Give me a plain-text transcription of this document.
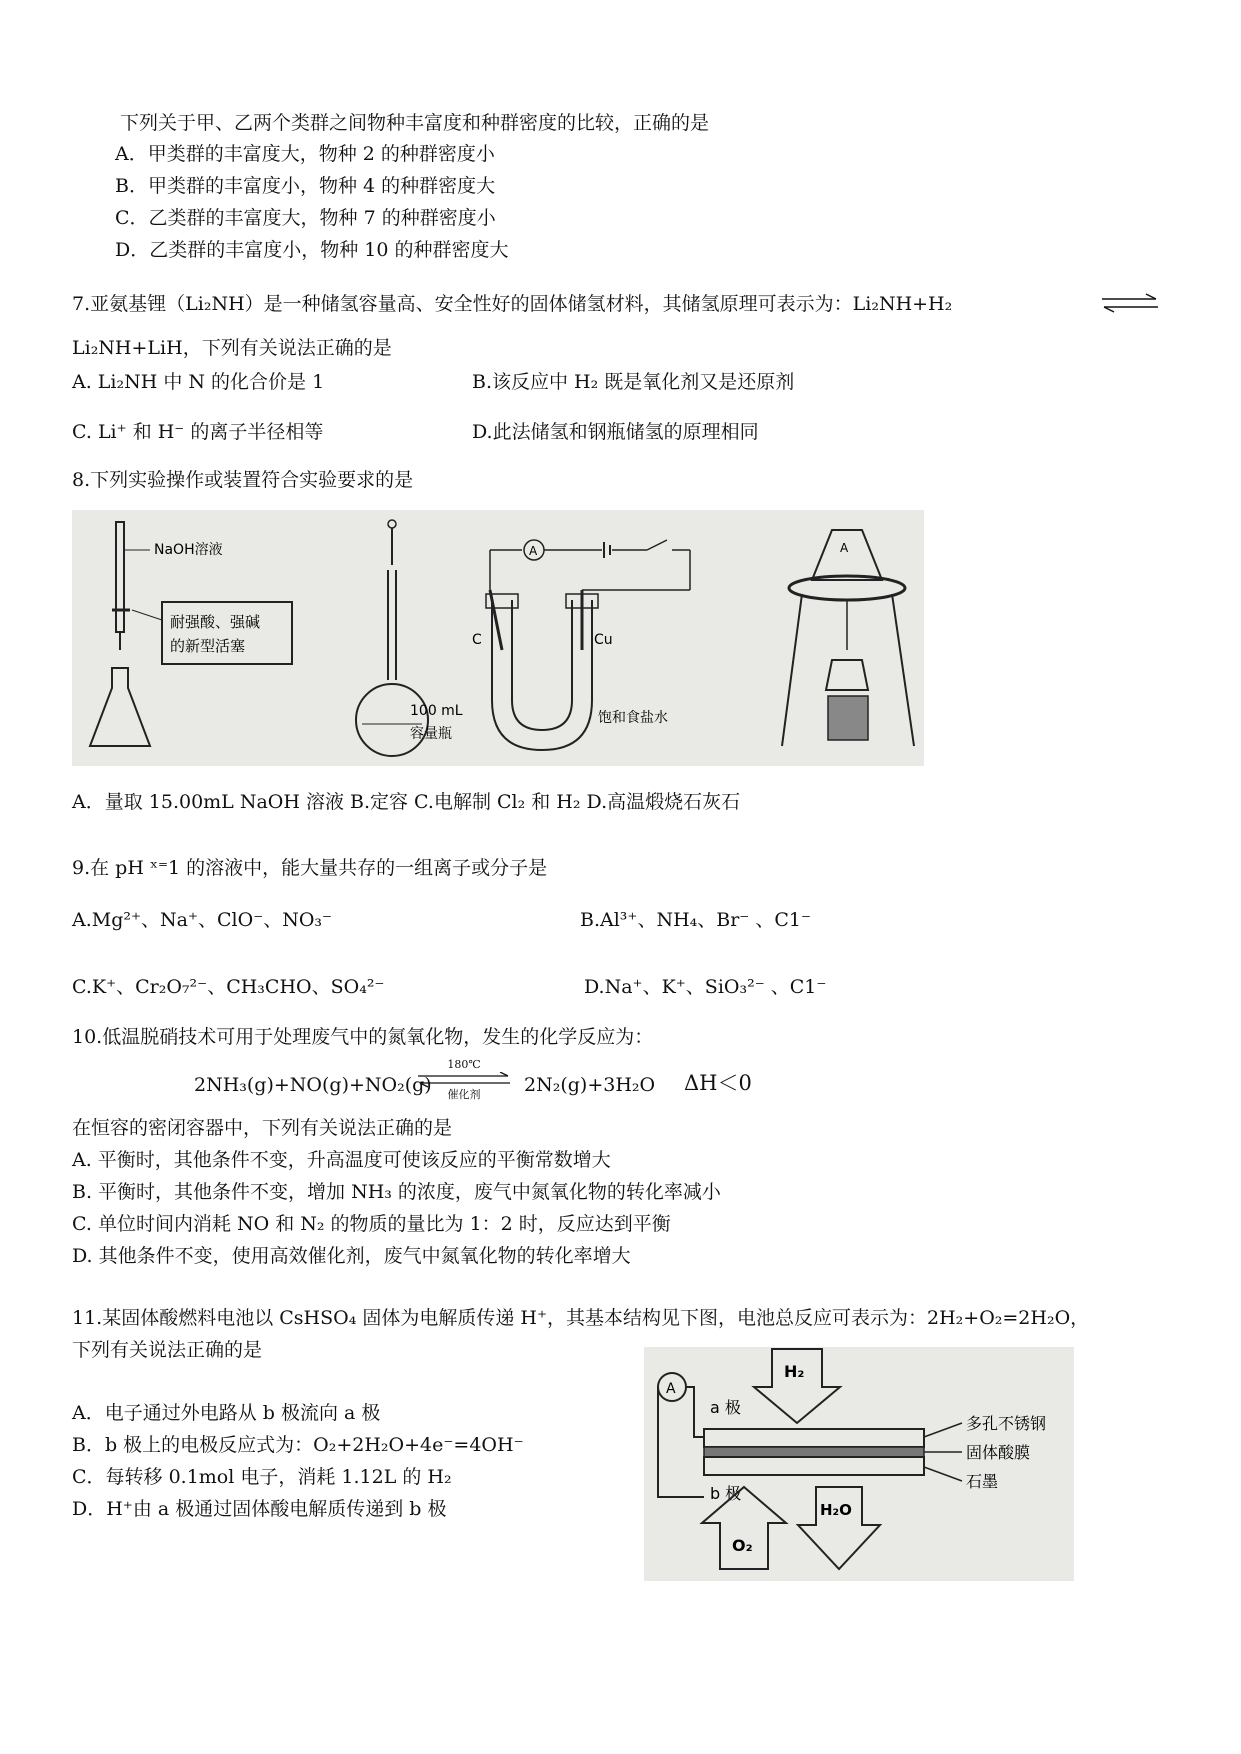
下列关于甲、乙两个类群之间物种丰富度和种群密度的比较，正确的是
A．甲类群的丰富度大，物种 2 的种群密度小
B．甲类群的丰富度小，物种 4 的种群密度大
C．乙类群的丰富度大，物种 7 的种群密度小
D．乙类群的丰富度小，物种 10 的种群密度大
7.亚氨基锂（Li₂NH）是一种储氢容量高、安全性好的固体储氢材料，其储氢原理可表示为：Li₂NH+H₂
Li₂NH+LiH，下列有关说法正确的是
A. Li₂NH 中 N 的化合价是 1	B.该反应中 H₂ 既是氧化剂又是还原剂
C. Li⁺ 和 H⁻ 的离子半径相等	D.此法储氢和钢瓶储氢的原理相同
8.下列实验操作或装置符合实验要求的是
NaOH溶液
耐强酸、强碱
的新型活塞
100 mL
容量瓶
A
C	Cu
饱和食盐水
A
A．量取 15.00mL NaOH 溶液 B.定容 C.电解制 Cl₂ 和 H₂ D.高温煅烧石灰石
9.在 pH ˣ⁼1 的溶液中，能大量共存的一组离子或分子是
A.Mg²⁺、Na⁺、ClO⁻、NO₃⁻	B.Al³⁺、NH₄、Br⁻ 、C1⁻
C.K⁺、Cr₂O₇²⁻、CH₃CHO、SO₄²⁻	D.Na⁺、K⁺、SiO₃²⁻ 、C1⁻
10.低温脱硝技术可用于处理废气中的氮氧化物，发生的化学反应为：
2NH₃(g)+NO(g)+NO₂(g)
180℃
催化剂	2N₂(g)+3H₂O ΔH＜0
在恒容的密闭容器中，下列有关说法正确的是
A. 平衡时，其他条件不变，升高温度可使该反应的平衡常数增大
B. 平衡时，其他条件不变，增加 NH₃ 的浓度，废气中氮氧化物的转化率减小
C. 单位时间内消耗 NO 和 N₂ 的物质的量比为 1：2 时，反应达到平衡
D. 其他条件不变，使用高效催化剂，废气中氮氧化物的转化率增大
11.某固体酸燃料电池以 CsHSO₄ 固体为电解质传递 H⁺，其基本结构见下图，电池总反应可表示为：2H₂+O₂=2H₂O，
下列有关说法正确的是
A．电子通过外电路从 b 极流向 a 极
B．b 极上的电极反应式为：O₂+2H₂O+4e⁻=4OH⁻
C．每转移 0.1mol 电子，消耗 1.12L 的 H₂
D．H⁺由 a 极通过固体酸电解质传递到 b 极
A
a 极
b 极
H₂
O₂
H₂O
多孔不锈钢
固体酸膜
石墨
